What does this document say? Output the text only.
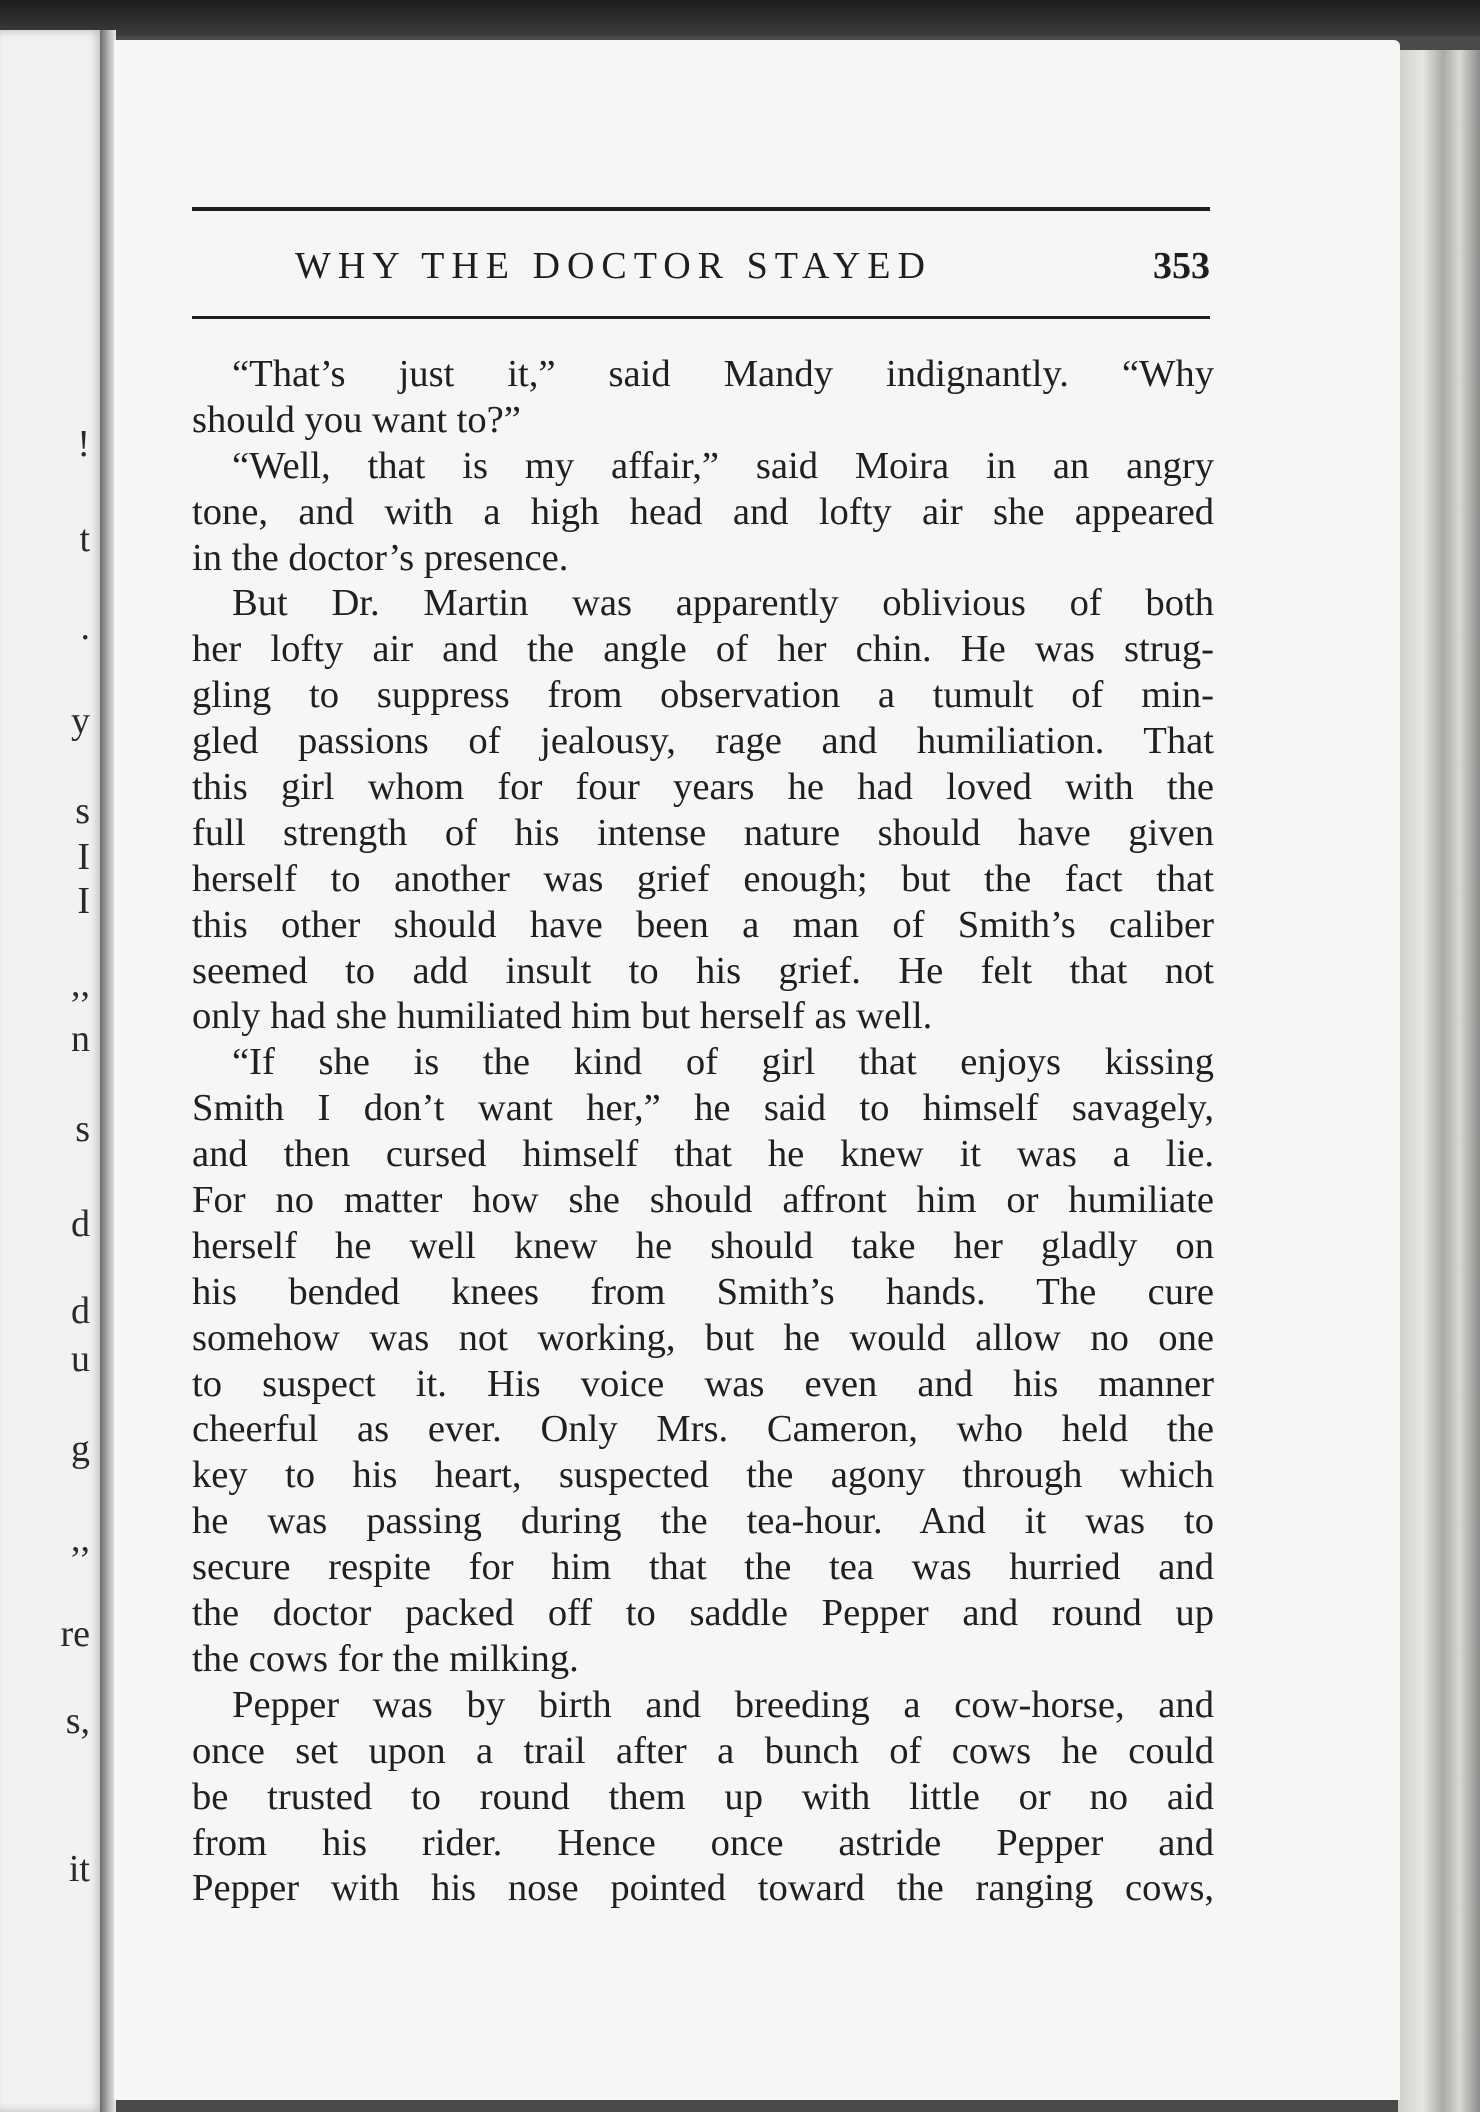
!
t
.
y
s
I
I
,,
n
s
d
d
u
g
,,
re
s,
it
WHY THE DOCTOR STAYED	353
“That’s just it,” said Mandy indignantly. “Why
should you want to?”
“Well, that is my affair,” said Moira in an angry
tone, and with a high head and lofty air she appeared
in the doctor’s presence.
But Dr. Martin was apparently oblivious of both
her lofty air and the angle of her chin. He was strug-
gling to suppress from observation a tumult of min-
gled passions of jealousy, rage and humiliation. That
this girl whom for four years he had loved with the
full strength of his intense nature should have given
herself to another was grief enough; but the fact that
this other should have been a man of Smith’s caliber
seemed to add insult to his grief. He felt that not
only had she humiliated him but herself as well.
“If she is the kind of girl that enjoys kissing
Smith I don’t want her,” he said to himself savagely,
and then cursed himself that he knew it was a lie.
For no matter how she should affront him or humiliate
herself he well knew he should take her gladly on
his bended knees from Smith’s hands. The cure
somehow was not working, but he would allow no one
to suspect it. His voice was even and his manner
cheerful as ever. Only Mrs. Cameron, who held the
key to his heart, suspected the agony through which
he was passing during the tea-hour. And it was to
secure respite for him that the tea was hurried and
the doctor packed off to saddle Pepper and round up
the cows for the milking.
Pepper was by birth and breeding a cow-horse, and
once set upon a trail after a bunch of cows he could
be trusted to round them up with little or no aid
from his rider. Hence once astride Pepper and
Pepper with his nose pointed toward the ranging cows,
